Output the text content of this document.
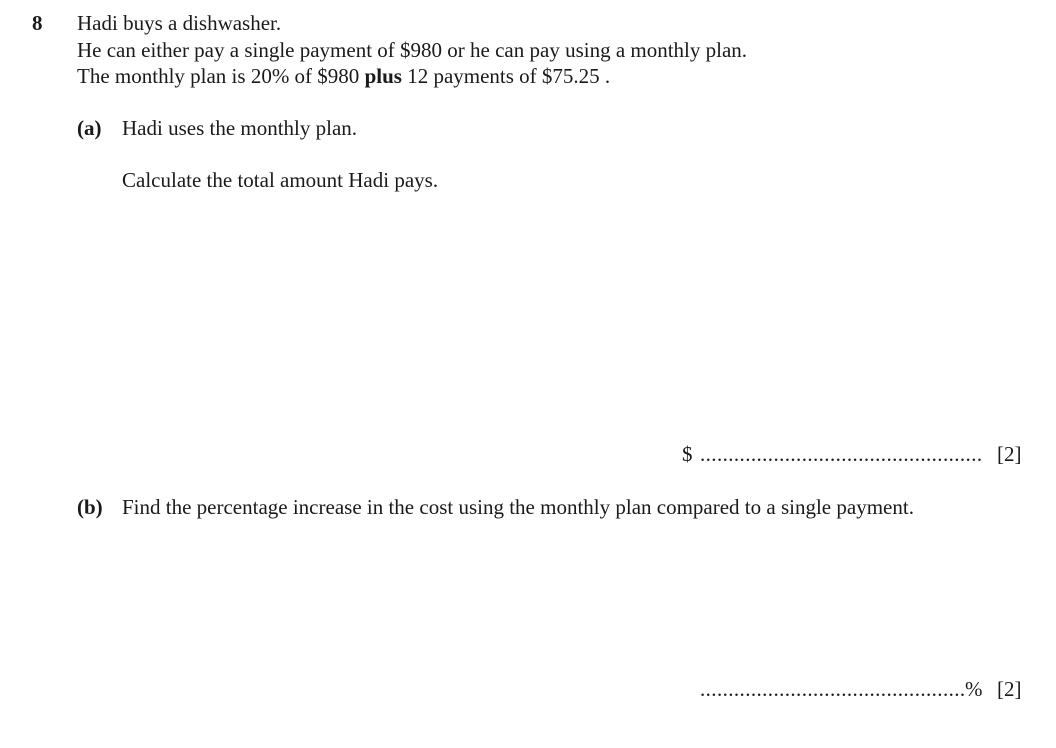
8 Hadi buys a dishwasher.
He can either pay a single payment of $980 or he can pay using a monthly plan.
The monthly plan is 20% of $980 plus 12 payments of $75.25 .
(a) Hadi uses the monthly plan.
Calculate the total amount Hadi pays.
$ .................................................. [2]
(b) Find the percentage increase in the cost using the monthly plan compared to a single payment.
............................................... % [2]
